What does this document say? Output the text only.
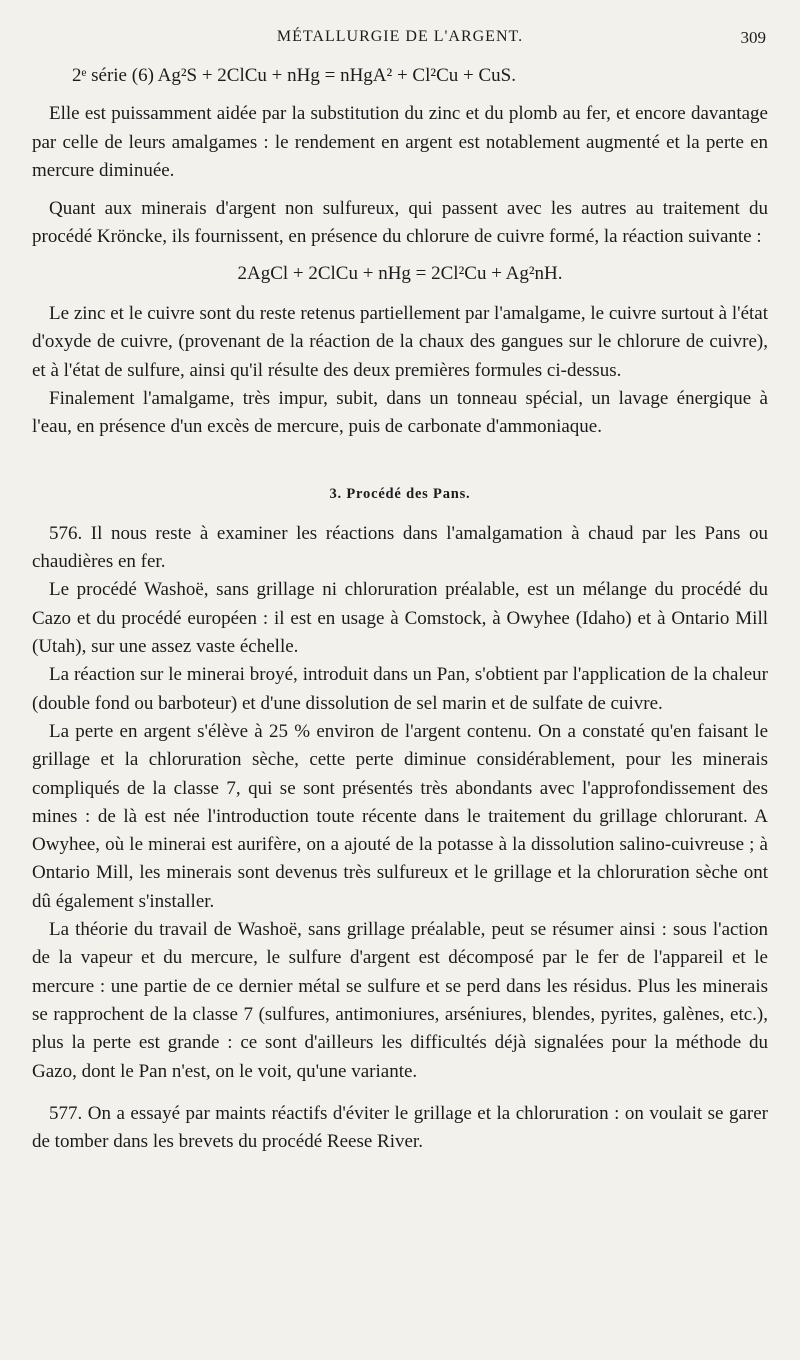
MÉTALLURGIE DE L'ARGENT.	309
2ᵉ série (6) Ag²S + 2ClCu + nHg = nHgA² + Cl²Cu + CuS.

Elle est puissamment aidée par la substitution du zinc et du plomb au fer, et encore davantage par celle de leurs amalgames : le rendement en argent est notablement augmenté et la perte en mercure diminuée.

Quant aux minerais d'argent non sulfureux, qui passent avec les autres au traitement du procédé Kröncke, ils fournissent, en présence du chlorure de cuivre formé, la réaction suivante :

2AgCl + 2ClCu + nHg = 2Cl²Cu + Ag²nH.

Le zinc et le cuivre sont du reste retenus partiellement par l'amalgame, le cuivre surtout à l'état d'oxyde de cuivre, (provenant de la réaction de la chaux des gangues sur le chlorure de cuivre), et à l'état de sulfure, ainsi qu'il résulte des deux premières formules ci-dessus.

Finalement l'amalgame, très impur, subit, dans un tonneau spécial, un lavage énergique à l'eau, en présence d'un excès de mercure, puis de carbonate d'ammoniaque.

3. Procédé des Pans.

576. Il nous reste à examiner les réactions dans l'amalgamation à chaud par les Pans ou chaudières en fer.

Le procédé Washoë, sans grillage ni chloruration préalable, est un mélange du procédé du Cazo et du procédé européen : il est en usage à Comstock, à Owyhee (Idaho) et à Ontario Mill (Utah), sur une assez vaste échelle.

La réaction sur le minerai broyé, introduit dans un Pan, s'obtient par l'application de la chaleur (double fond ou barboteur) et d'une dissolution de sel marin et de sulfate de cuivre.

La perte en argent s'élève à 25 % environ de l'argent contenu. On a constaté qu'en faisant le grillage et la chloruration sèche, cette perte diminue considérablement, pour les minerais compliqués de la classe 7, qui se sont présentés très abondants avec l'approfondissement des mines : de là est née l'introduction toute récente dans le traitement du grillage chlorurant. A Owyhee, où le minerai est aurifère, on a ajouté de la potasse à la dissolution salino-cuivreuse ; à Ontario Mill, les minerais sont devenus très sulfureux et le grillage et la chloruration sèche ont dû également s'installer.

La théorie du travail de Washoë, sans grillage préalable, peut se résumer ainsi : sous l'action de la vapeur et du mercure, le sulfure d'argent est décomposé par le fer de l'appareil et le mercure : une partie de ce dernier métal se sulfure et se perd dans les résidus. Plus les minerais se rapprochent de la classe 7 (sulfures, antimoniures, arséniures, blendes, pyrites, galènes, etc.), plus la perte est grande : ce sont d'ailleurs les difficultés déjà signalées pour la méthode du Gazo, dont le Pan n'est, on le voit, qu'une variante.

577. On a essayé par maints réactifs d'éviter le grillage et la chloruration : on voulait se garer de tomber dans les brevets du procédé Reese River.
